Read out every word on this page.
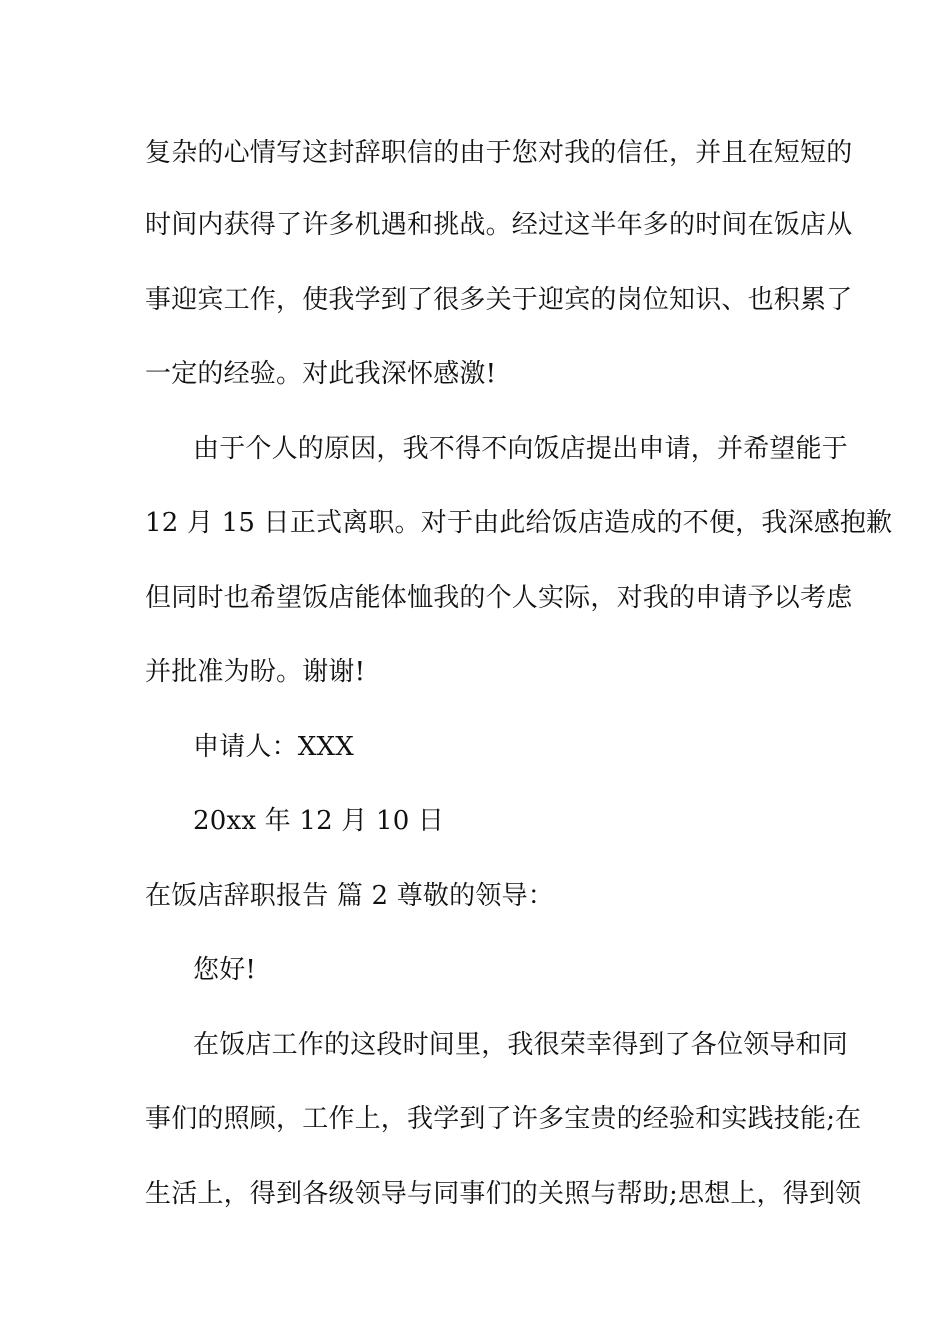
复杂的心情写这封辞职信的由于您对我的信任，并且在短短的
时间内获得了许多机遇和挑战。经过这半年多的时间在饭店从
事迎宾工作，使我学到了很多关于迎宾的岗位知识、也积累了
一定的经验。对此我深怀感激!
由于个人的原因，我不得不向饭店提出申请，并希望能于
12 月 15 日正式离职。对于由此给饭店造成的不便，我深感抱歉
但同时也希望饭店能体恤我的个人实际，对我的申请予以考虑
并批准为盼。谢谢!
申请人：XXX
20xx 年 12 月 10 日
在饭店辞职报告 篇 2 尊敬的领导：
您好!
在饭店工作的这段时间里，我很荣幸得到了各位领导和同
事们的照顾，工作上，我学到了许多宝贵的经验和实践技能;在
生活上，得到各级领导与同事们的关照与帮助;思想上，得到领
